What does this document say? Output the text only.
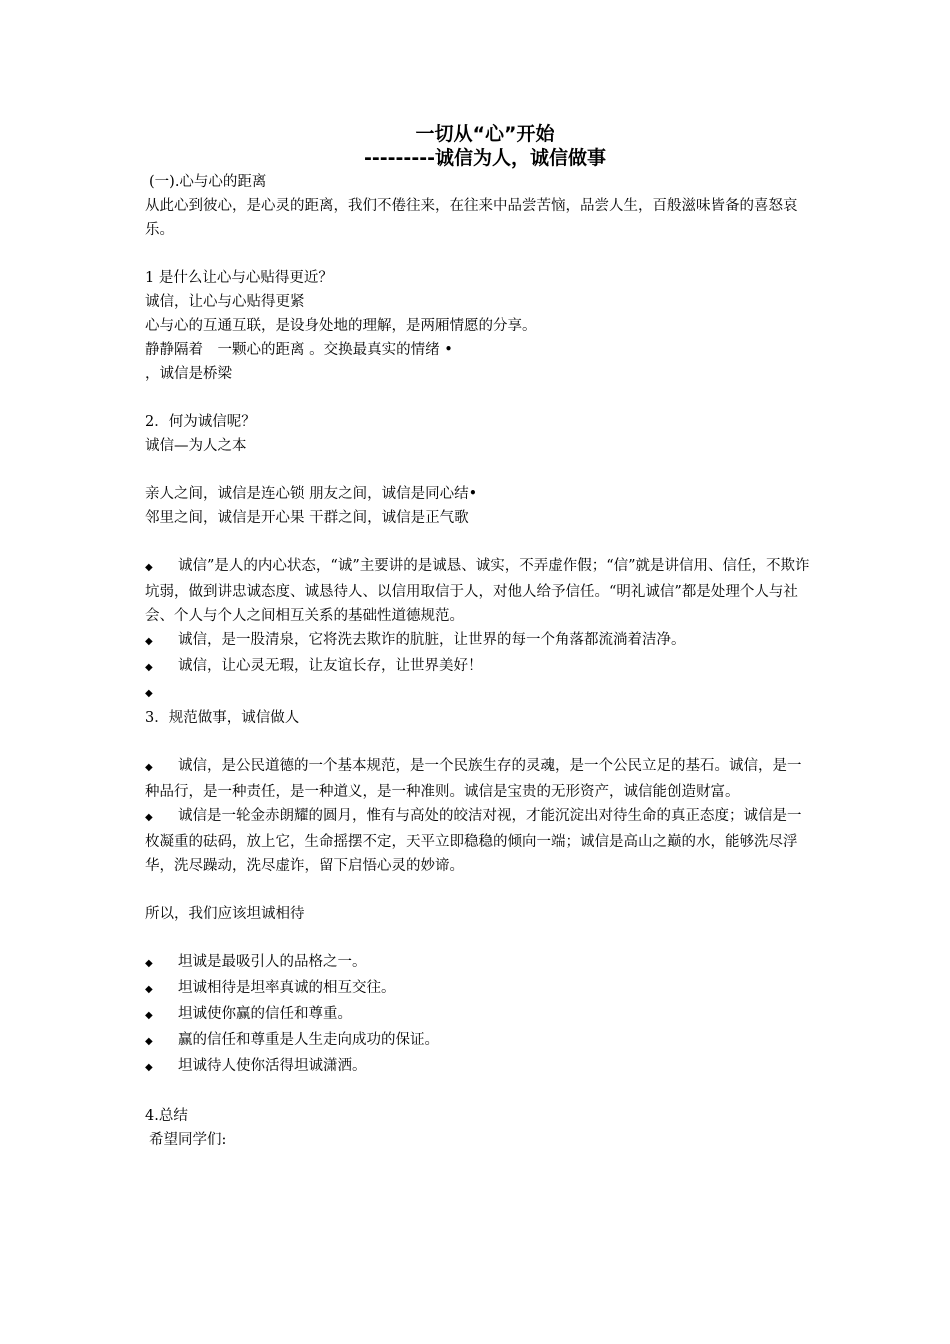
一切从“心”开始
---------诚信为人，诚信做事

(一).心与心的距离

从此心到彼心，是心灵的距离，我们不倦往来，在往来中品尝苦恼，品尝人生，百般滋味皆备的喜怒哀乐。

1 是什么让心与心贴得更近？

诚信，让心与心贴得更紧

心与心的互通互联，是设身处地的理解，是两厢情愿的分享。

静静隔着　一颗心的距离 。交换最真实的情绪 •

，诚信是桥梁

2．何为诚信呢？

诚信—为人之本

亲人之间，诚信是连心锁 朋友之间，诚信是同心结•

邻里之间，诚信是开心果 干群之间，诚信是正气歌

◆ 诚信”是人的内心状态，“诚”主要讲的是诚恳、诚实，不弄虚作假；“信”就是讲信用、信任，不欺诈坑弱，做到讲忠诚态度、诚恳待人、以信用取信于人，对他人给予信任。“明礼诚信”都是处理个人与社会、个人与个人之间相互关系的基础性道德规范。

◆ 诚信，是一股清泉，它将洗去欺诈的肮脏，让世界的每一个角落都流淌着洁净。

◆ 诚信，让心灵无瑕，让友谊长存，让世界美好！

◆

3．规范做事，诚信做人

◆ 诚信，是公民道德的一个基本规范，是一个民族生存的灵魂，是一个公民立足的基石。诚信，是一种品行，是一种责任，是一种道义，是一种准则。诚信是宝贵的无形资产，诚信能创造财富。

◆ 诚信是一轮金赤朗耀的圆月，惟有与高处的皎洁对视，才能沉淀出对待生命的真正态度；诚信是一枚凝重的砝码，放上它，生命摇摆不定，天平立即稳稳的倾向一端；诚信是高山之巅的水，能够洗尽浮华，洗尽躁动，洗尽虚诈，留下启悟心灵的妙谛。

所以，我们应该坦诚相待

◆ 坦诚是最吸引人的品格之一。

◆ 坦诚相待是坦率真诚的相互交往。

◆ 坦诚使你赢的信任和尊重。

◆ 赢的信任和尊重是人生走向成功的保证。

◆ 坦诚待人使你活得坦诚潇洒。

4.总结

希望同学们:
